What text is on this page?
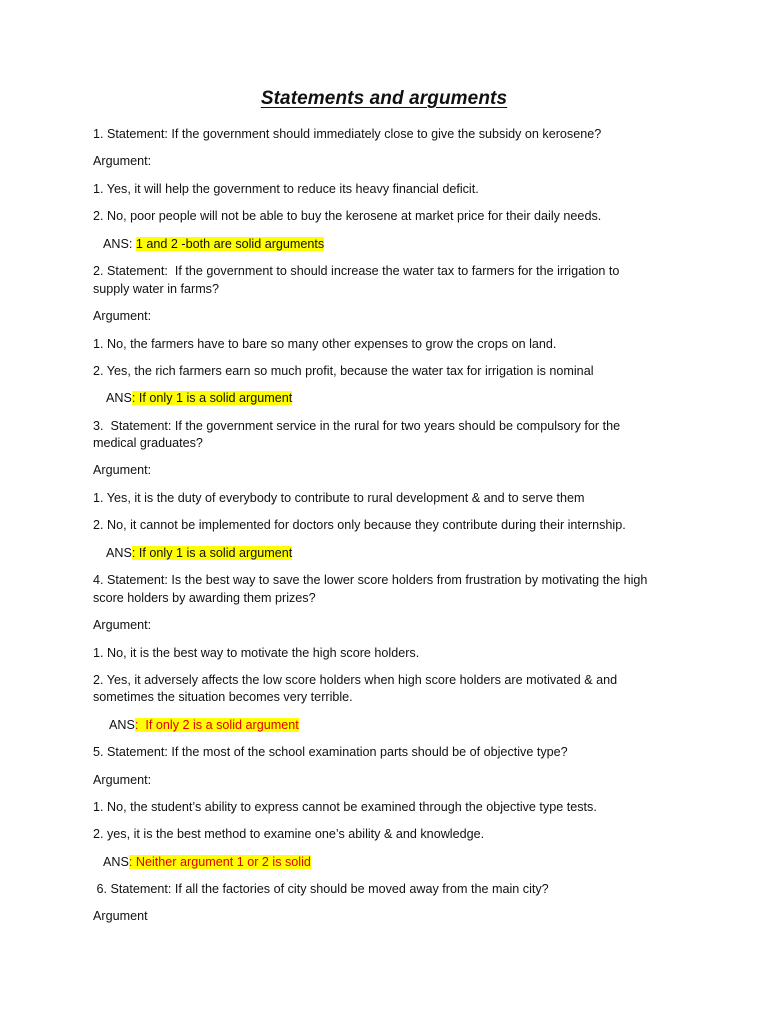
Statements and arguments
1. Statement: If the government should immediately close to give the subsidy on kerosene?
Argument:
1. Yes, it will help the government to reduce its heavy financial deficit.
2. No, poor people will not be able to buy the kerosene at market price for their daily needs.
ANS: 1 and 2 -both are solid arguments
2. Statement:  If the government to should increase the water tax to farmers for the irrigation to
supply water in farms?
Argument:
1. No, the farmers have to bare so many other expenses to grow the crops on land.
2. Yes, the rich farmers earn so much profit, because the water tax for irrigation is nominal
ANS: If only 1 is a solid argument
3.  Statement: If the government service in the rural for two years should be compulsory for the
medical graduates?
Argument:
1. Yes, it is the duty of everybody to contribute to rural development & and to serve them
2. No, it cannot be implemented for doctors only because they contribute during their internship.
ANS: If only 1 is a solid argument
4. Statement: Is the best way to save the lower score holders from frustration by motivating the high
score holders by awarding them prizes?
Argument:
1. No, it is the best way to motivate the high score holders.
2. Yes, it adversely affects the low score holders when high score holders are motivated & and
sometimes the situation becomes very terrible.
ANS:  If only 2 is a solid argument
5. Statement: If the most of the school examination parts should be of objective type?
Argument:
1. No, the student’s ability to express cannot be examined through the objective type tests.
2. yes, it is the best method to examine one’s ability & and knowledge.
ANS: Neither argument 1 or 2 is solid
6. Statement: If all the factories of city should be moved away from the main city?
Argument
